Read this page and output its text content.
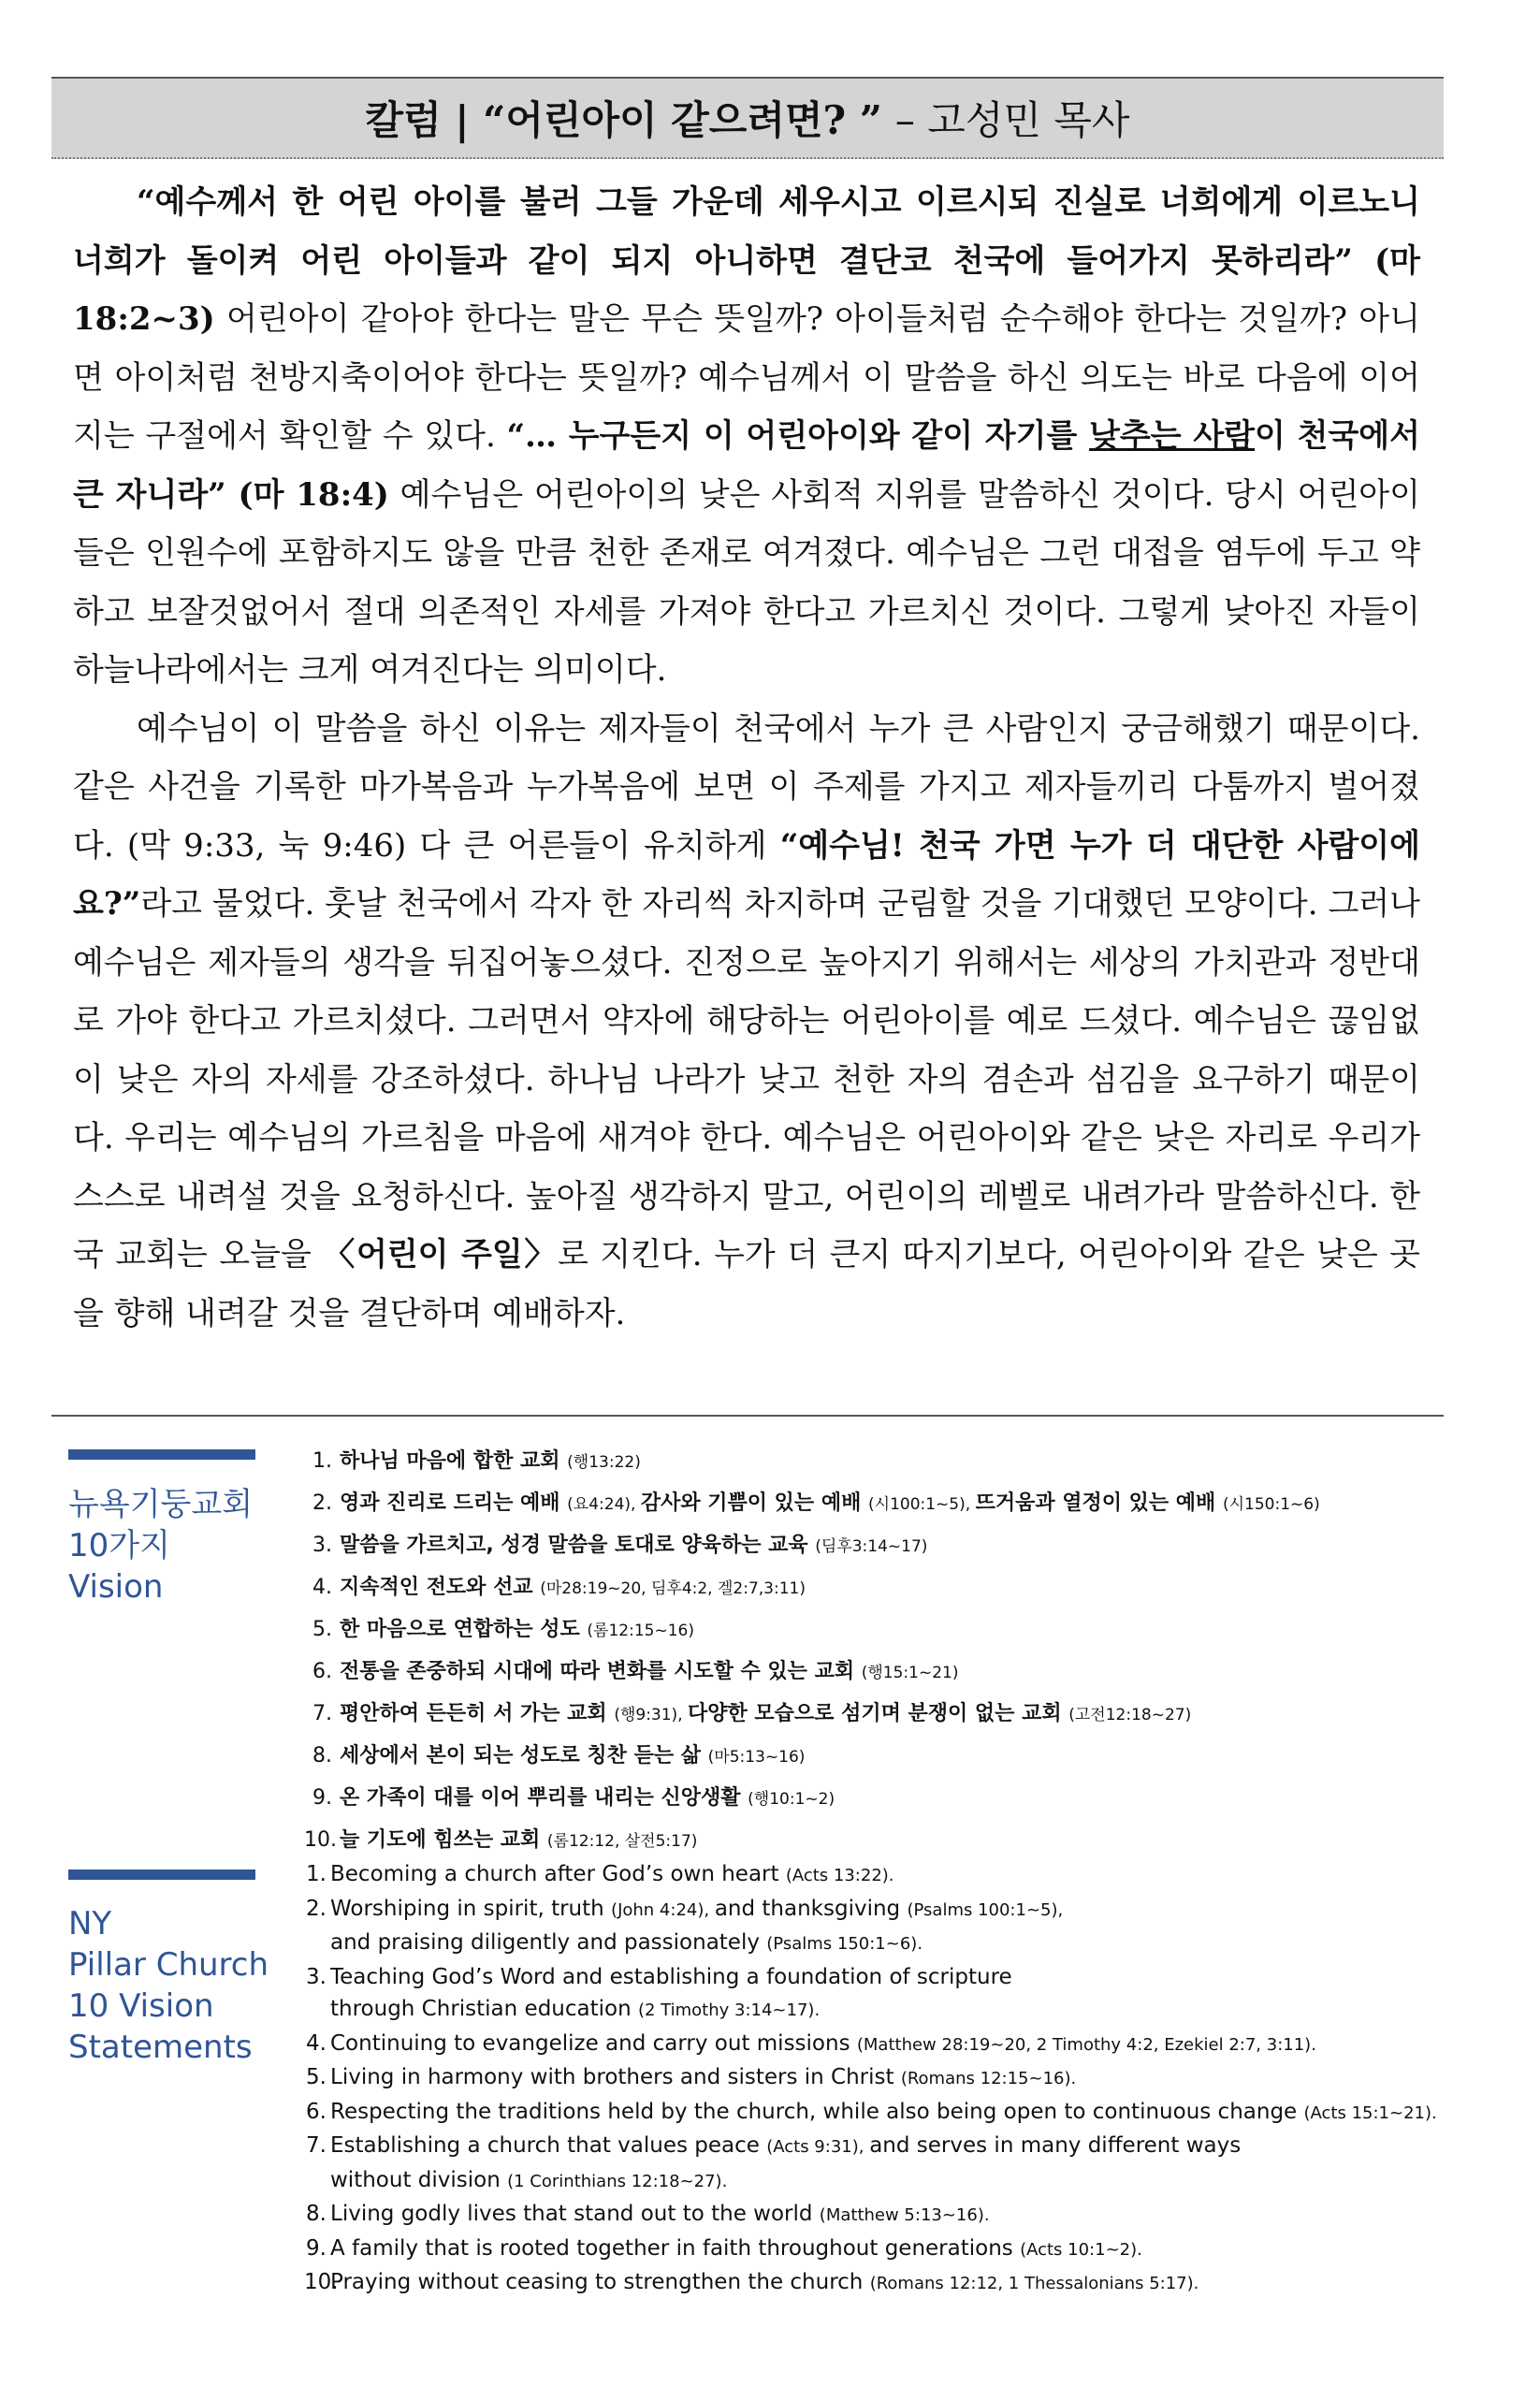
칼럼 | “어린아이 같으려면? ” – 고성민 목사

“예수께서 한 어린 아이를 불러 그들 가운데 세우시고 이르시되 진실로 너희에게 이르노니 너희가 돌이켜 어린 아이들과 같이 되지 아니하면 결단코 천국에 들어가지 못하리라” (마 18:2~3) 어린아이 같아야 한다는 말은 무슨 뜻일까? 아이들처럼 순수해야 한다는 것일까? 아니면 아이처럼 천방지축이어야 한다는 뜻일까? 예수님께서 이 말씀을 하신 의도는 바로 다음에 이어지는 구절에서 확인할 수 있다. “… 누구든지 이 어린아이와 같이 자기를 낮추는 사람이 천국에서 큰 자니라” (마 18:4) 예수님은 어린아이의 낮은 사회적 지위를 말씀하신 것이다. 당시 어린아이들은 인원수에 포함하지도 않을 만큼 천한 존재로 여겨졌다. 예수님은 그런 대접을 염두에 두고 약하고 보잘것없어서 절대 의존적인 자세를 가져야 한다고 가르치신 것이다. 그렇게 낮아진 자들이 하늘나라에서는 크게 여겨진다는 의미이다.

예수님이 이 말씀을 하신 이유는 제자들이 천국에서 누가 큰 사람인지 궁금해했기 때문이다. 같은 사건을 기록한 마가복음과 누가복음에 보면 이 주제를 가지고 제자들끼리 다툼까지 벌어졌다. (막 9:33, 눅 9:46) 다 큰 어른들이 유치하게 “예수님! 천국 가면 누가 더 대단한 사람이에요?”라고 물었다. 훗날 천국에서 각자 한 자리씩 차지하며 군림할 것을 기대했던 모양이다. 그러나 예수님은 제자들의 생각을 뒤집어놓으셨다. 진정으로 높아지기 위해서는 세상의 가치관과 정반대로 가야 한다고 가르치셨다. 그러면서 약자에 해당하는 어린아이를 예로 드셨다. 예수님은 끊임없이 낮은 자의 자세를 강조하셨다. 하나님 나라가 낮고 천한 자의 겸손과 섬김을 요구하기 때문이다. 우리는 예수님의 가르침을 마음에 새겨야 한다. 예수님은 어린아이와 같은 낮은 자리로 우리가 스스로 내려설 것을 요청하신다. 높아질 생각하지 말고, 어린이의 레벨로 내려가라 말씀하신다. 한국 교회는 오늘을 〈어린이 주일〉로 지킨다. 누가 더 큰지 따지기보다, 어린아이와 같은 낮은 곳을 향해 내려갈 것을 결단하며 예배하자.

뉴욕기둥교회
10가지
Vision
1. 하나님 마음에 합한 교회 (행13:22)
2. 영과 진리로 드리는 예배 (요4:24), 감사와 기쁨이 있는 예배 (시100:1~5), 뜨거움과 열정이 있는 예배 (시150:1~6)
3. 말씀을 가르치고, 성경 말씀을 토대로 양육하는 교육 (딤후3:14~17)
4. 지속적인 전도와 선교 (마28:19~20, 딤후4:2, 겔2:7,3:11)
5. 한 마음으로 연합하는 성도 (롬12:15~16)
6. 전통을 존중하되 시대에 따라 변화를 시도할 수 있는 교회 (행15:1~21)
7. 평안하여 든든히 서 가는 교회 (행9:31), 다양한 모습으로 섬기며 분쟁이 없는 교회 (고전12:18~27)
8. 세상에서 본이 되는 성도로 칭찬 듣는 삶 (마5:13~16)
9. 온 가족이 대를 이어 뿌리를 내리는 신앙생활 (행10:1~2)
10. 늘 기도에 힘쓰는 교회 (롬12:12, 살전5:17)
NY
Pillar Church
10 Vision
Statements
1. Becoming a church after God’s own heart (Acts 13:22).
2. Worshiping in spirit, truth (John 4:24), and thanksgiving (Psalms 100:1~5),
and praising diligently and passionately (Psalms 150:1~6).
3. Teaching God’s Word and establishing a foundation of scripture
through Christian education (2 Timothy 3:14~17).
4. Continuing to evangelize and carry out missions (Matthew 28:19~20, 2 Timothy 4:2, Ezekiel 2:7, 3:11).
5. Living in harmony with brothers and sisters in Christ (Romans 12:15~16).
6. Respecting the traditions held by the church, while also being open to continuous change (Acts 15:1~21).
7. Establishing a church that values peace (Acts 9:31), and serves in many different ways
without division (1 Corinthians 12:18~27).
8. Living godly lives that stand out to the world (Matthew 5:13~16).
9. A family that is rooted together in faith throughout generations (Acts 10:1~2).
10.
Praying without ceasing to strengthen the church (Romans 12:12, 1 Thessalonians 5:17).
